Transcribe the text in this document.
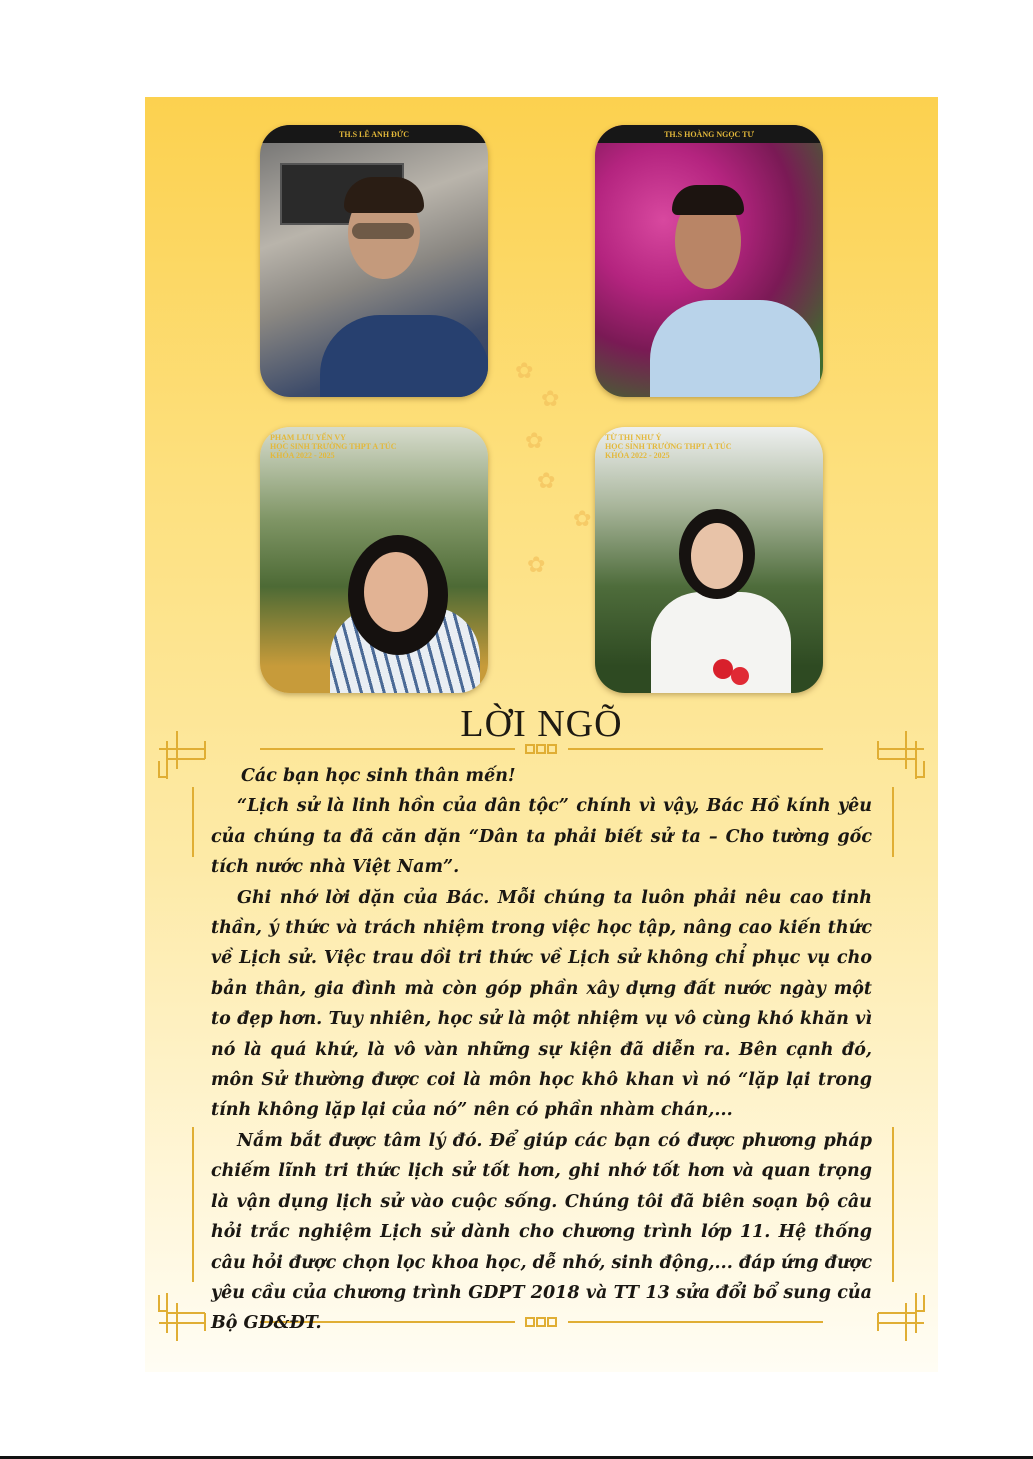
✿
✿
✿
✿
✿
✿
TH.S LÊ ANH ĐỨC	TH.S HOÀNG NGỌC TƯ
PHẠM LƯU YẾN VY
HỌC SINH TRƯỜNG THPT A TÚC
KHÓA 2022 - 2025
TỪ THỊ NHƯ Ý
HỌC SINH TRƯỜNG THPT A TÚC
KHÓA 2022 - 2025
LỜI NGÕ

Các bạn học sinh thân mến!

“Lịch sử là linh hồn của dân tộc” chính vì vậy, Bác Hồ kính yêu của chúng ta đã căn dặn “Dân ta phải biết sử ta – Cho tường gốc tích nước nhà Việt Nam”.

Ghi nhớ lời dặn của Bác. Mỗi chúng ta luôn phải nêu cao tinh thần, ý thức và trách nhiệm trong việc học tập, nâng cao kiến thức về Lịch sử. Việc trau dồi tri thức về Lịch sử không chỉ phục vụ cho bản thân, gia đình mà còn góp phần xây dựng đất nước ngày một to đẹp hơn. Tuy nhiên, học sử là một nhiệm vụ vô cùng khó khăn vì nó là quá khứ, là vô vàn những sự kiện đã diễn ra. Bên cạnh đó, môn Sử thường được coi là môn học khô khan vì nó “lặp lại trong tính không lặp lại của nó” nên có phần nhàm chán,...

Nắm bắt được tâm lý đó. Để giúp các bạn có được phương pháp chiếm lĩnh tri thức lịch sử tốt hơn, ghi nhớ tốt hơn và quan trọng là vận dụng lịch sử vào cuộc sống. Chúng tôi đã biên soạn bộ câu hỏi trắc nghiệm Lịch sử dành cho chương trình lớp 11. Hệ thống câu hỏi được chọn lọc khoa học, dễ nhớ, sinh động,... đáp ứng được yêu cầu của chương trình GDPT 2018 và TT 13 sửa đổi bổ sung của Bộ GD&ĐT.
